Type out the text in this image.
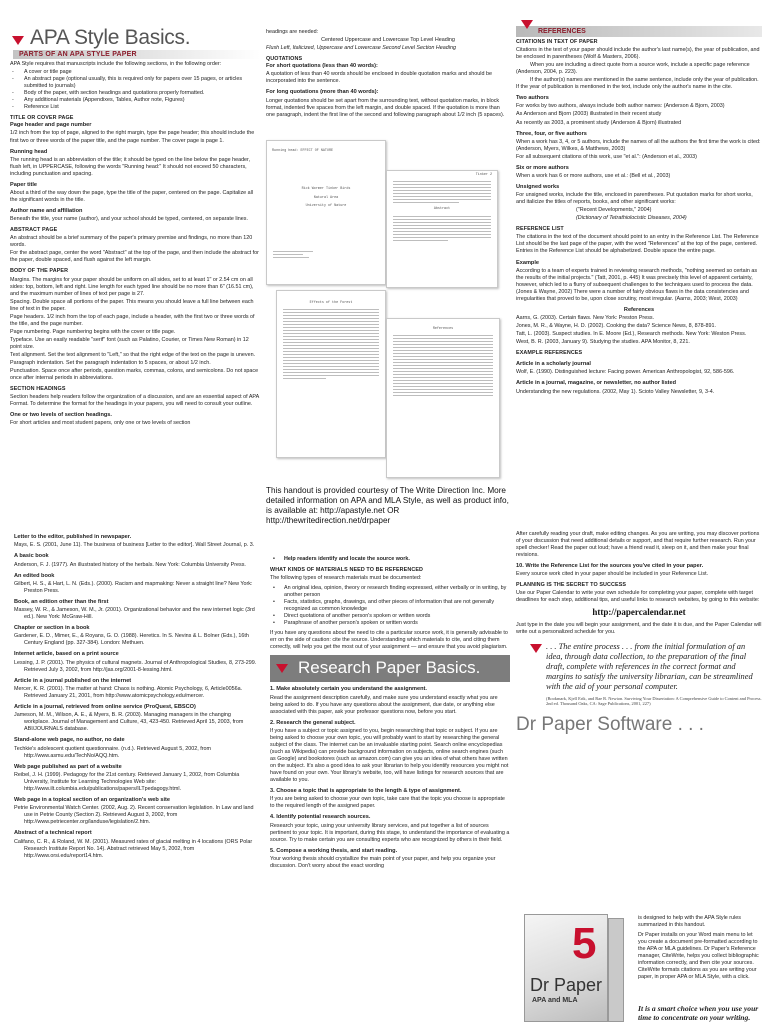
APA Style Basics.
PARTS OF AN APA STYLE PAPER

APA Style requires that manuscripts include the following sections, in the following order:

- A cover or title page
- An abstract page (optional usually, this is required only for papers over 15 pages, or articles submitted to journals)
- Body of the paper, with section headings and quotations properly formatted.
- Any additional materials (Appendixes, Tables, Author note, Figures)
- Reference List
TITLE OR COVER PAGE
Page header and page number

1/2 inch from the top of page, aligned to the right margin, type the page header; this should include the first two or three words of the paper title, and the page number. The cover page is page 1.

Running head

The running head is an abbreviation of the title; it should be typed on the line below the page header, flush left, in UPPERCASE, following the words "Running head:" It should not exceed 50 characters, including punctuation and spacing.

Paper title

About a third of the way down the page, type the title of the paper, centered on the page. Capitalize all the significant words in the title.

Author name and affiliation

Beneath the title, your name (author), and your school should be typed, centered, on separate lines.

ABSTRACT PAGE

An abstract should be a brief summary of the paper's primary premise and findings, no more than 120 words.

For the abstract page, center the word "Abstract" at the top of the page, and then include the abstract for the paper, double spaced, and flush against the left margin.

BODY OF THE PAPER

Margins. The margins for your paper should be uniform on all sides, set to at least 1" or 2.54 cm on all sides: top, bottom, left and right. Line length for each typed line should be no more than 6" (16.51 cm), and the maximum number of lines of text per page is 27.

Spacing. Double space all portions of the paper. This means you should leave a full line between each line of text in the paper.

Page headers. 1/2 inch from the top of each page, include a header, with the first two or three words of the title, and the page number.

Page numbering. Page numbering begins with the cover or title page.

Typeface. Use an easily readable "serif" font (such as Palatino, Courier, or Times New Roman) in 12 point size.

Text alignment. Set the text alignment to "Left," so that the right edge of the text on the page is uneven.

Paragraph indentation. Set the paragraph indentation to 5 spaces, or about 1/2 inch.

Punctuation. Space once after periods, question marks, commas, colons, and semicolons. Do not space once after internal periods in abbreviations.

SECTION HEADINGS

Section headers help readers follow the organization of a discussion, and are an essential aspect of APA Format. To determine the format for the headings in your papers, you will need to consult your outline.

One or two levels of section headings.

For short articles and most student papers, only one or two levels of section

headings are needed:

Centered Uppercase and Lowercase Top Level Heading

Flush Left, Italicized, Uppercase and Lowercase Second Level Section Heading

QUOTATIONS
For short quotations (less than 40 words):

A quotation of less than 40 words should be enclosed in double quotation marks and should be incorporated into the sentence.

For long quotations (more than 40 words):

Longer quotations should be set apart from the surrounding text, without quotation marks, in block format, indented five spaces from the left margin, and double spaced. If the quotation is more than one paragraph, indent the first line of the second and following paragraph about 1/2 inch (5 spaces).

Running head: EFFECT OF NATURE
Rick Wormer Tinker Birds
Natural Area
University of Nature
Tinker 2
Abstract
Effects of the Forest
References
This handout is provided courtesy of The Write Direction Inc. More detailed information on APA and MLA Style, as well as product info, is available at: http://apastyle.net OR http://thewritedirection.net/drpaper
REFERENCES
CITATIONS IN TEXT OF PAPER

Citations in the text of your paper should include the author's last name(s), the year of publication, and be enclosed in parentheses (Wolf & Masters, 2006).

When you are including a direct quote from a source work, include a specific page reference (Anderson, 2004, p. 223).

If the author(s) names are mentioned in the same sentence, include only the year of publication. If the year of publication is mentioned in the text, include only the author's name in the cite.

Two authors

For works by two authors, always include both author names: (Anderson & Bjorn, 2003)

As Anderson and Bjorn (2003) illustrated in their recent study

As recently as 2003, a prominent study (Anderson & Bjorn) illustrated

Three, four, or five authors

When a work has 3, 4, or 5 authors, include the names of all the authors the first time the work is cited: (Anderson, Myers, Wilkes, & Matthews, 2003)

For all subsequent citations of this work, use "et al.": (Anderson et al., 2003)

Six or more authors

When a work has 6 or more authors, use et al.: (Bell et al., 2003)

Unsigned works

For unsigned works, include the title, enclosed in parentheses. Put quotation marks for short works, and italicize the titles of reports, books, and other significant works:

("Recent Developments," 2004)

(Dictionary of Tetrathiolocistic Diseases, 2004)

REFERENCE LIST

The citations in the text of the document should point to an entry in the Reference List. The Reference List should be the last page of the paper, with the word "References" at the top of the page, centered. Entries in the Reference List should be alphabetized. Double space the entire page.

Example

According to a team of experts trained in reviewing research methods, "nothing seemed so certain as the results of the initial projects." (Tatt, 2001, p. 445) It was precisely this level of apparent certainty, however, which led to a flurry of subsequent challenges to the techniques used to process the data. (Jones & Wayne, 2002) There were a number of fairly obvious flaws in the data consistencies and irregularities that proved to be, upon close scrutiny, most irregular. (Aarns, 2003; West, 2003)

References

Aarns, G. (2003). Certain flaws. New York: Preston Press.

Jones, M. R., & Wayne, H. D. (2002). Cooking the data? Science News, 8, 878-891.

Tatt, L. (2003). Suspect studies. In E. Moore (Ed.), Research methods. New York: Weston Press.

West, B. R. (2003, January 9). Studying the studies. APA Monitor, 8, 221.

EXAMPLE REFERENCES
Article in a scholarly journal

Wolf, E. (1990). Distinguished lecture: Facing power. American Anthropologist, 92, 586-596.

Article in a journal, magazine, or newsletter, no author listed

Understanding the new regulations. (2002, May 1). Scioto Valley Newsletter, 9, 3-4.

Letter to the editor, published in newspaper.

Mays, E. S. (2001, June 11). The business of business [Letter to the editor]. Wall Street Journal, p. 3.

A basic book

Anderson, F. J. (1977). An illustrated history of the herbals. New York: Columbia University Press.

An edited book

Gilbert, H. S., & Hart, L. N. (Eds.). (2000). Racism and mapmaking: Never a straight line? New York: Preston Press.

Book, an edition other than the first

Massey, W. R., & Jameson, W. M., Jr. (2001). Organizational behavior and the new internet logic (3rd ed.). New York: McGraw-Hill.

Chapter or section in a book

Gardener, E. D., Mimer, E., & Royans, G. O. (1988). Heretics. In S. Nevins & L. Bolner (Eds.), 16th Century England (pp. 327-384). London: Methuen.

Internet article, based on a print source

Lessing, J. P. (2001). The physics of cultural magnets. Journal of Anthropological Studies, 8, 273-299. Retrieved July 3, 2002, from http://jas.org/2001-8-lessing.html.

Article in a journal published on the internet

Mercer, K. R. (2001). The matter at hand: Chaos is nothing. Atomic Psychology, 6, Article0056a. Retrieved January 21, 2001, from http://www.atomicpsychology.edu/mercer.

Article in a journal, retrieved from online service (ProQuest, EBSCO)

Jameson, M. M., Wilson, A. E., & Myers, B. R. (2003). Managing managers in the changing workplace. Journal of Management and Culture, 43, 423-450. Retrieved April 15, 2003, from ABI/JOURNALS database.

Stand-alone web page, no author, no date

Techkie's adolescent quotient questionnaire. (n.d.). Retrieved August 5, 2002, from http://www.asmu.edu/TechNo/AQQ.htm.

Web page published as part of a website

Reibel, J. H. (1999). Pedagogy for the 21st century. Retrieved January 1, 2002, from Columbia University, Institute for Learning Technologies Web site: http://www.ilt.columbia.edu/publications/papers/ILTpedagogy.html.

Web page in a topical section of an organization's web site

Petrie Environmental Watch Center. (2002, Aug. 2). Recent conservation legislation. In Law and land use in Petrie County (Section 2). Retrieved August 3, 2002, from http://www.petriecenter.org/landuse/legislation/2.htm.

Abstract of a technical report

Califano, C. R., & Roland, W. M. (2001). Measured rates of glacial melting in 4 locations (ORS Polar Research Institute Report No. 14). Abstract retrieved May 5, 2002, from http://www.orsi.edu/report14.htm.

• Help readers identify and locate the source work.
WHAT KINDS OF MATERIALS NEED TO BE REFERENCED

The following types of research materials must be documented:

• An original idea, opinion, theory or research finding expressed, either verbally or in writing, by another person
• Facts, statistics, graphs, drawings, and other pieces of information that are not generally recognized as common knowledge
• Direct quotations of another person's spoken or written words
• Paraphrase of another person's spoken or written words

If you have any questions about the need to cite a particular source work, it is generally advisable to err on the side of caution: cite the source. Understanding which materials to cite, and citing them correctly, will help you get the most out of your assignment — and ensure that you avoid plagiarism.

Research Paper Basics.
1. Make absolutely certain you understand the assignment.

Read the assignment description carefully, and make sure you understand exactly what you are being asked to do. If you have any questions about the assignment, due date, or anything else associated with this paper, ask your professor questions now, before you start.

2. Research the general subject.

If you have a subject or topic assigned to you, begin researching that topic or subject. If you are being asked to choose your own topic, you will probably want to start by researching the general subject of the class. The internet can be an invaluable starting point. Search online encyclopedias (such as Wikipedia) can provide background information on subjects, online search engines (such as Google) and bookstores (such as amazon.com) can give you an idea of what others have written on the subject. It's also a good idea to ask your librarian to help you identify resources you might not have found on your own. Your library's website, too, will have listings for research sources that are available to you.

3. Choose a topic that is appropriate to the length & type of assignment.

If you are being asked to choose your own topic, take care that the topic you choose is appropriate to the required length of the assigned paper.

4. Identify potential research sources.

Research your topic, using your university library services, and put together a list of sources pertinent to your topic. It is important, during this stage, to understand the importance of evaluating a source. Try to make certain you are consulting experts who are recognized by others in their field.

5. Compose a working thesis, and start reading.

Your working thesis should crystallize the main point of your paper, and help you organize your discussion. Don't worry about the exact wording

After carefully reading your draft, make editing changes. As you are writing, you may discover portions of your discussion that need additional details or support, and that require further research. Run your spell checker! Read the paper out loud; have a friend read it, sleep on it, and then make your final revisions.

10. Write the Reference List for the sources you've cited in your paper.

Every source work cited in your paper should be included in your Reference List.

PLANNING IS THE SECRET TO SUCCESS

Use our Paper Calendar to write your own schedule for completing your paper, complete with target deadlines for each step, additional tips, and useful links to research websites, by going to this website:

http://papercalendar.net

Just type in the date you will begin your assignment, and the date it is due, and the Paper Calendar will write out a personalized schedule for you.

. . . The entire process . . . from the initial formulation of an idea, through data collection, to the preparation of the final draft, complete with references in the correct format and margins to satisfy the university librarian, can be streamlined with the aid of your personal computer.

(Bookmark, Kjell Erik, and Rae R. Newton. Surviving Your Dissertation: A Comprehensive Guide to Content and Process. 2nd ed. Thousand Oaks, CA: Sage Publications, 2001, 227)

Dr Paper Software . . .
5
Dr Paper
APA and MLA

is designed to help with the APA Style rules summarized in this handout.

Dr Paper installs on your Word main menu to let you create a document pre-formatted according to the APA or MLA guidelines. Dr Paper's Reference manager, CiteWrite, helps you collect bibliographic information correctly, and then cite your sources. CiteWrite formats citations as you are writing your paper, in proper APA or MLA Style, with a click.

It is a smart choice when you use your time to concentrate on your writing.
